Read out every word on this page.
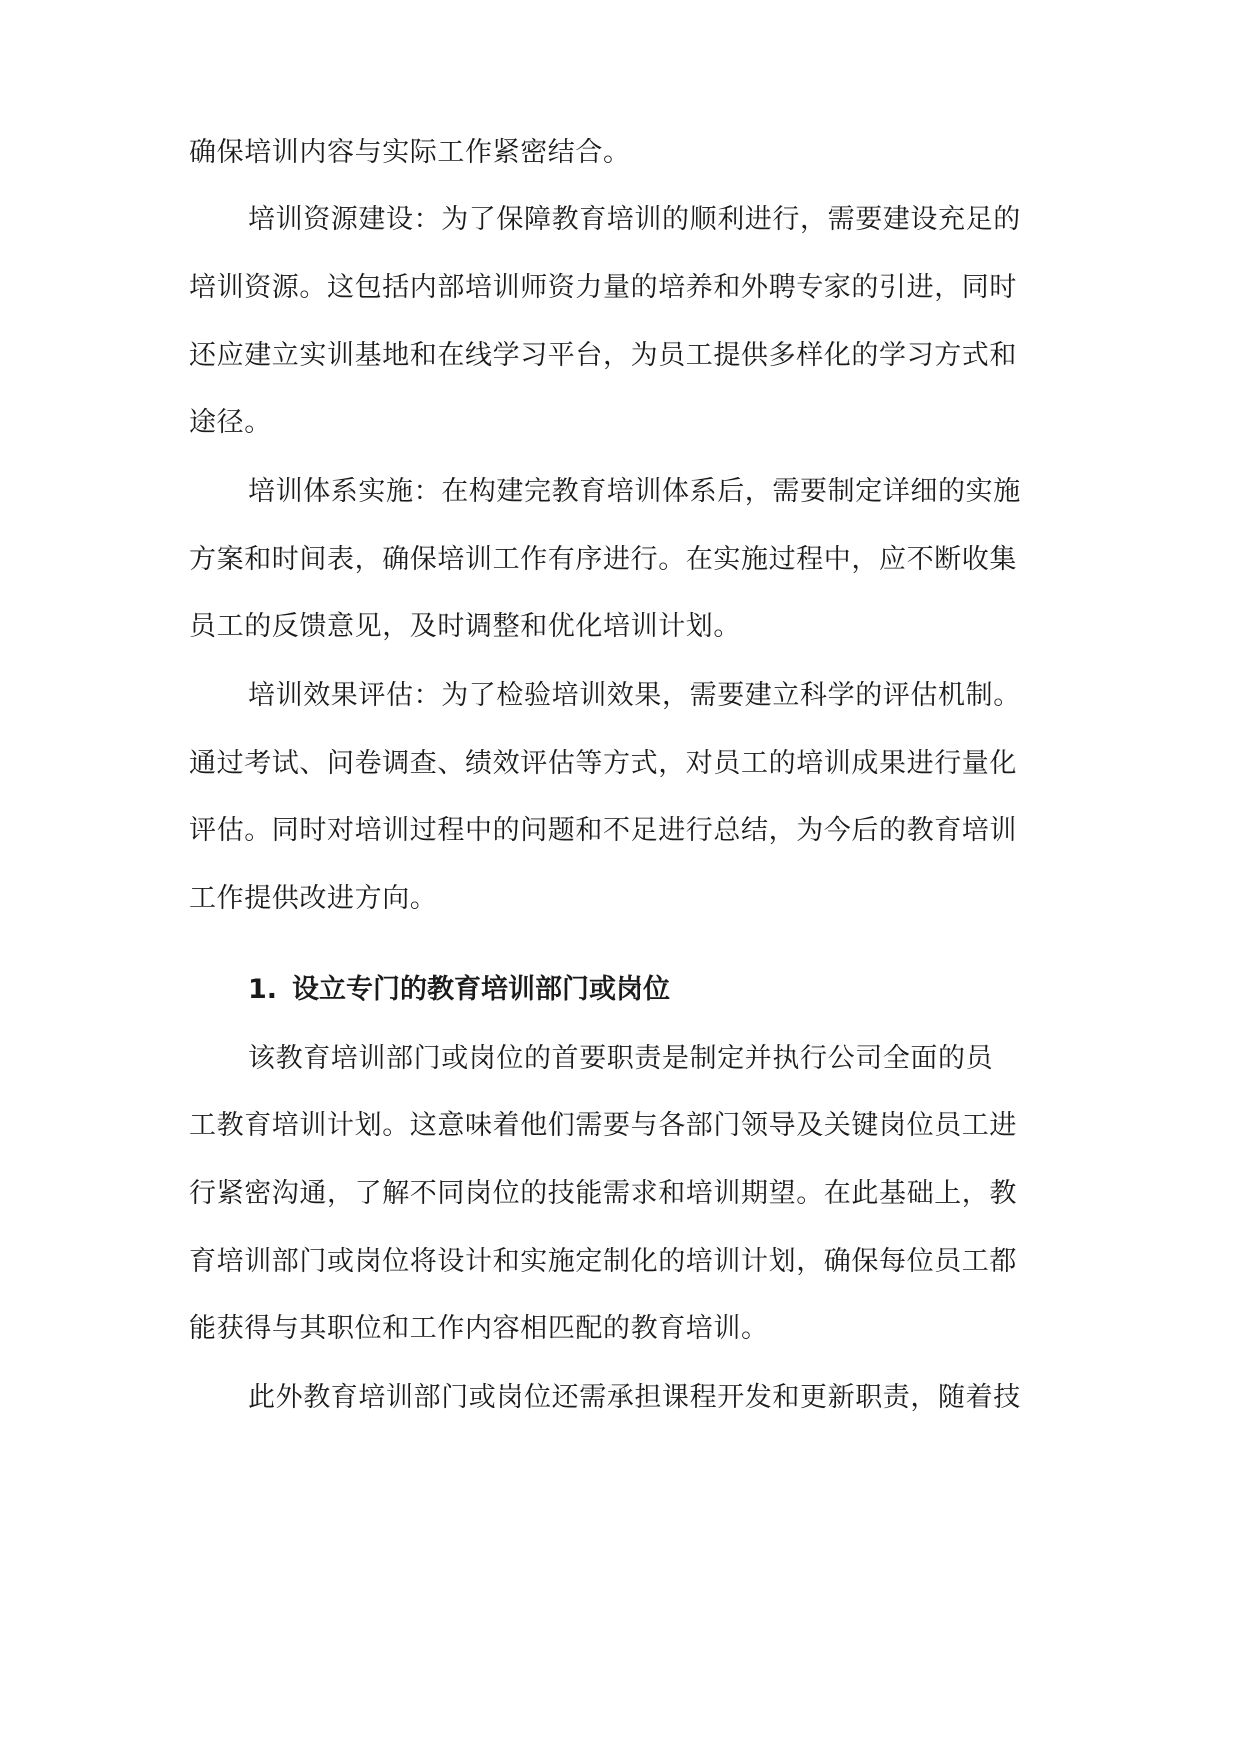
确保培训内容与实际工作紧密结合。
培训资源建设：为了保障教育培训的顺利进行，需要建设充足的
培训资源。这包括内部培训师资力量的培养和外聘专家的引进，同时
还应建立实训基地和在线学习平台，为员工提供多样化的学习方式和
途径。
培训体系实施：在构建完教育培训体系后，需要制定详细的实施
方案和时间表，确保培训工作有序进行。在实施过程中，应不断收集
员工的反馈意见，及时调整和优化培训计划。
培训效果评估：为了检验培训效果，需要建立科学的评估机制。
通过考试、问卷调查、绩效评估等方式，对员工的培训成果进行量化
评估。同时对培训过程中的问题和不足进行总结，为今后的教育培训
工作提供改进方向。
1. 设立专门的教育培训部门或岗位
该教育培训部门或岗位的首要职责是制定并执行公司全面的员
工教育培训计划。这意味着他们需要与各部门领导及关键岗位员工进
行紧密沟通，了解不同岗位的技能需求和培训期望。在此基础上，教
育培训部门或岗位将设计和实施定制化的培训计划，确保每位员工都
能获得与其职位和工作内容相匹配的教育培训。
此外教育培训部门或岗位还需承担课程开发和更新职责，随着技
